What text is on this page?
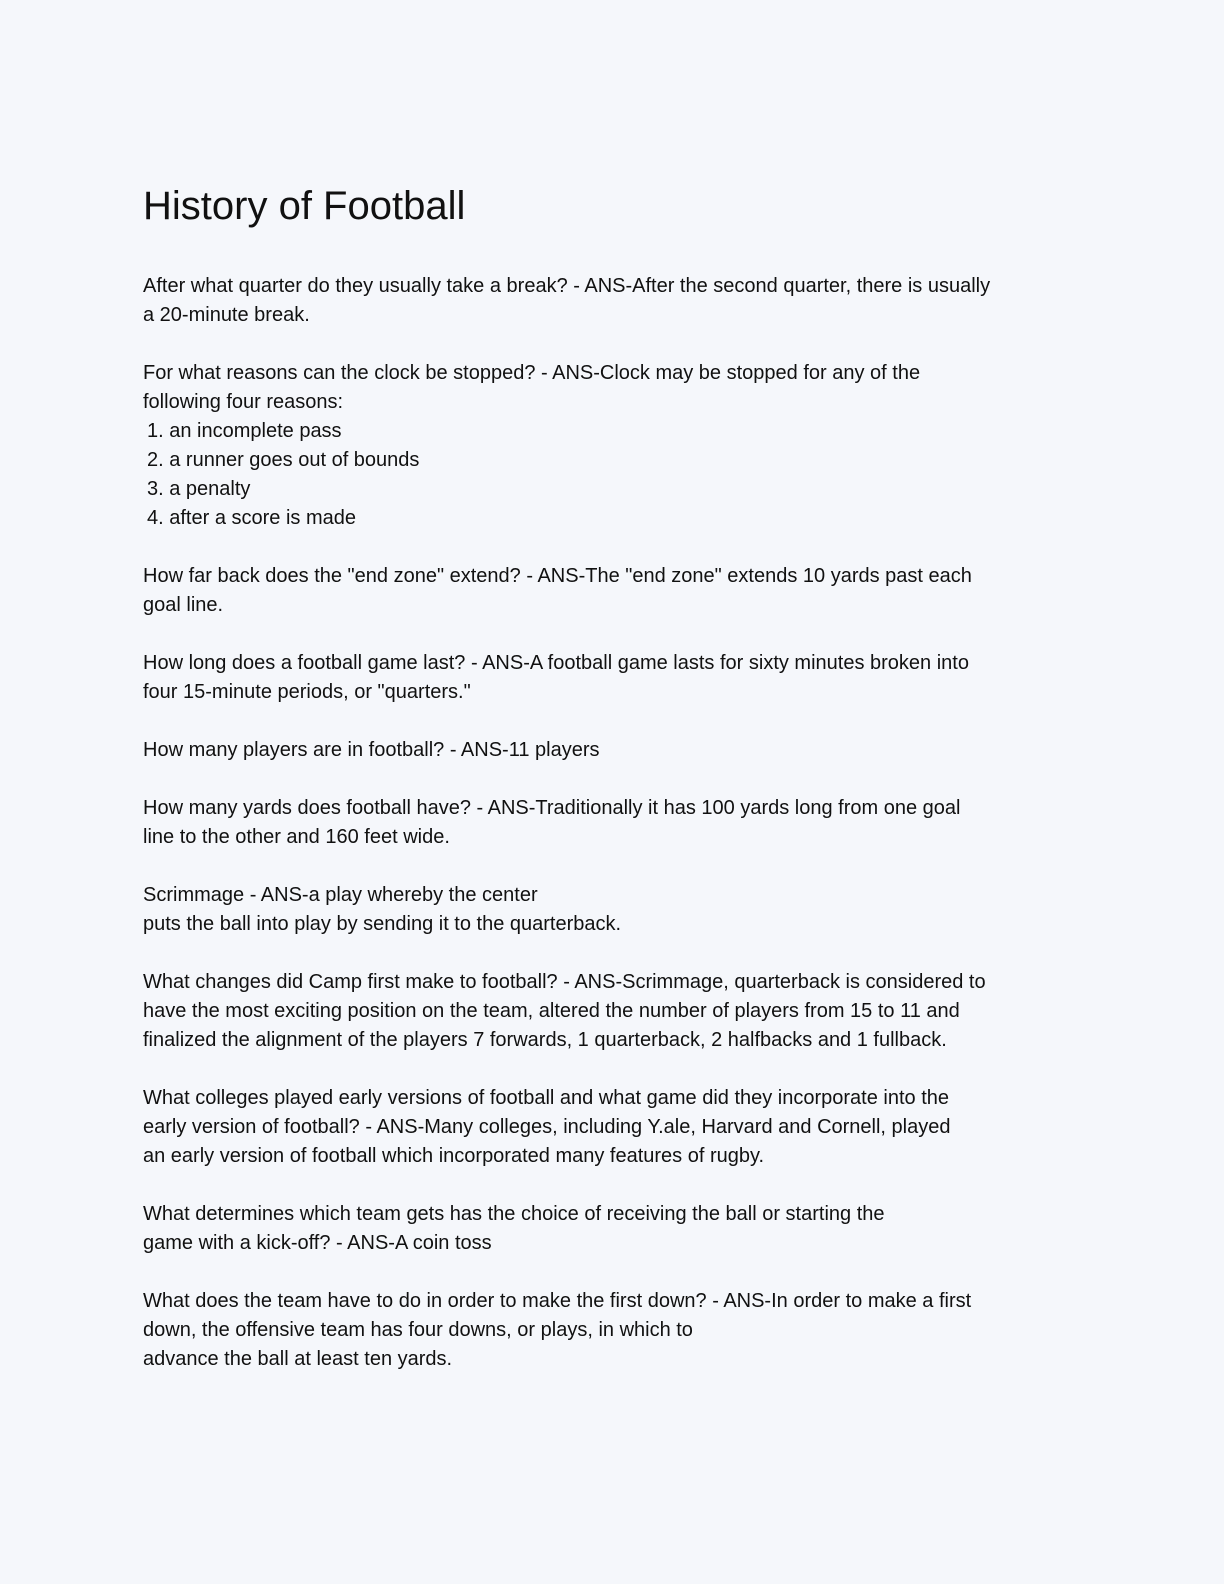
History of Football
After what quarter do they usually take a break? - ANS-After the second quarter, there is usually
a 20-minute break.
For what reasons can the clock be stopped? - ANS-Clock may be stopped for any of the
following four reasons:
1. an incomplete pass
2. a runner goes out of bounds
3. a penalty
4. after a score is made
How far back does the "end zone" extend? - ANS-The "end zone" extends 10 yards past each
goal line.
How long does a football game last? - ANS-A football game lasts for sixty minutes broken into
four 15-minute periods, or "quarters."
How many players are in football? - ANS-11 players
How many yards does football have? - ANS-Traditionally it has 100 yards long from one goal
line to the other and 160 feet wide.
Scrimmage - ANS-a play whereby the center
puts the ball into play by sending it to the quarterback.
What changes did Camp first make to football? - ANS-Scrimmage, quarterback is considered to
have the most exciting position on the team, altered the number of players from 15 to 11 and
finalized the alignment of the players 7 forwards, 1 quarterback, 2 halfbacks and 1 fullback.
What colleges played early versions of football and what game did they incorporate into the
early version of football? - ANS-Many colleges, including Y.ale, Harvard and Cornell, played
an early version of football which incorporated many features of rugby.
What determines which team gets has the choice of receiving the ball or starting the
game with a kick-off? - ANS-A coin toss
What does the team have to do in order to make the first down? - ANS-In order to make a first
down, the offensive team has four downs, or plays, in which to
advance the ball at least ten yards.
